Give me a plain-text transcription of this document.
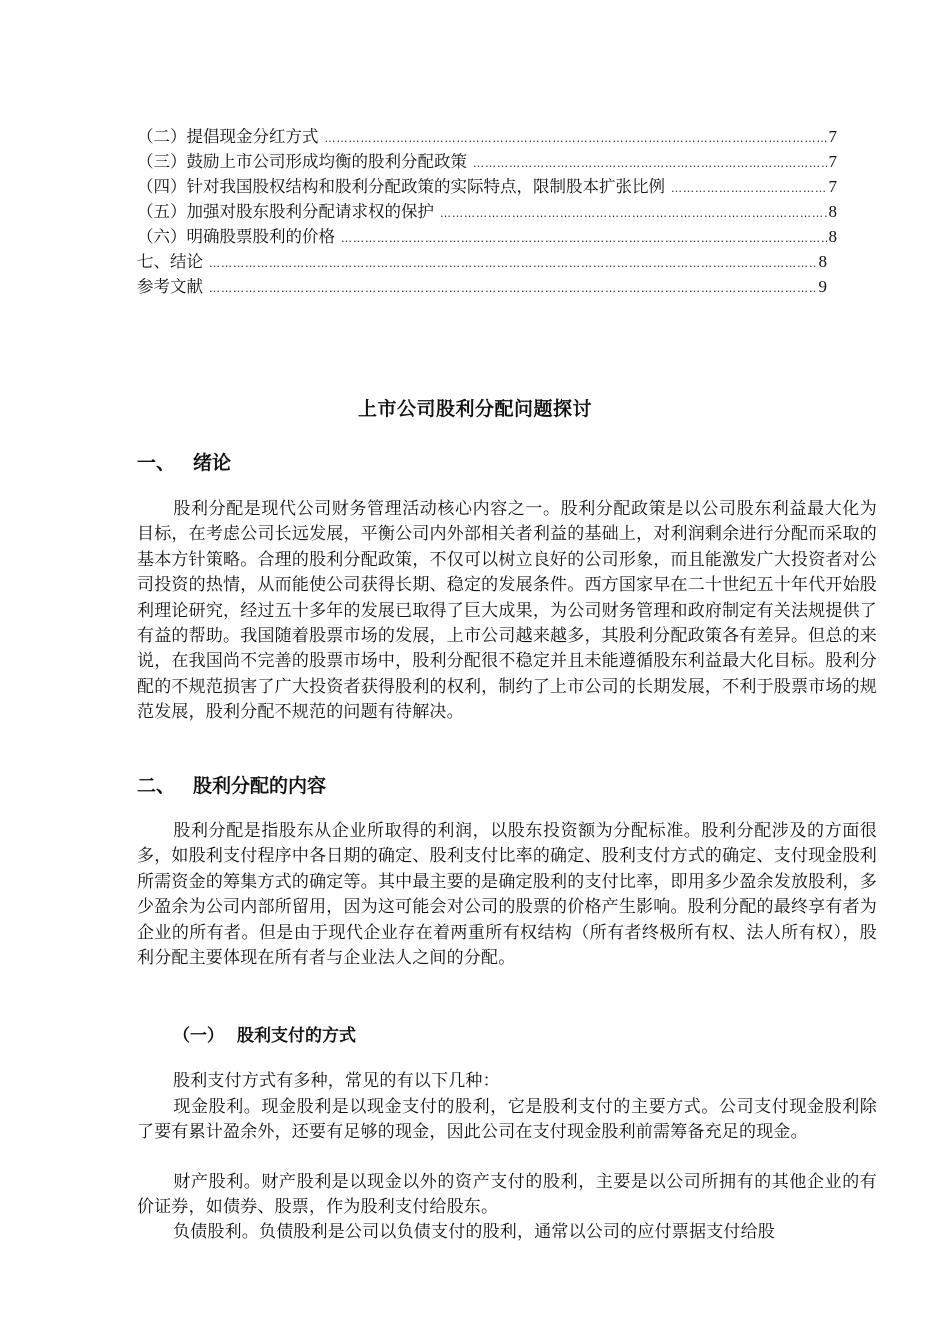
（二） 提倡现金分红方式 …………………………………………………………………………………………………………………………………………………………	7
（三） 鼓励上市公司形成均衡的股利分配政策 …………………………………………………………………………………………………………………………………………………………	7
（四） 针对我国股权结构和股利分配政策的实际特点，限制股本扩张比例 …………………………………………………………………………………………………………………………………………………………	7
（五） 加强对股东股利分配请求权的保护 …………………………………………………………………………………………………………………………………………………………	8
（六） 明确股票股利的价格 …………………………………………………………………………………………………………………………………………………………	8
七、结论 …………………………………………………………………………………………………………………………………………………………	8
参考文献 …………………………………………………………………………………………………………………………………………………………	9
上市公司股利分配问题探讨
一、 绪论
股利分配是现代公司财务管理活动核心内容之一。股利分配政策是以公司股东利益最大化为目标，在考虑公司长远发展，平衡公司内外部相关者利益的基础上，对利润剩余进行分配而采取的基本方针策略。合理的股利分配政策，不仅可以树立良好的公司形象，而且能激发广大投资者对公司投资的热情，从而能使公司获得长期、稳定的发展条件。西方国家早在二十世纪五十年代开始股利理论研究，经过五十多年的发展已取得了巨大成果，为公司财务管理和政府制定有关法规提供了有益的帮助。我国随着股票市场的发展，上市公司越来越多，其股利分配政策各有差异。但总的来说，在我国尚不完善的股票市场中，股利分配很不稳定并且未能遵循股东利益最大化目标。股利分配的不规范损害了广大投资者获得股利的权利，制约了上市公司的长期发展，不利于股票市场的规范发展，股利分配不规范的问题有待解决。
二、 股利分配的内容
股利分配是指股东从企业所取得的利润，以股东投资额为分配标准。股利分配涉及的方面很多，如股利支付程序中各日期的确定、股利支付比率的确定、股利支付方式的确定、支付现金股利所需资金的筹集方式的确定等。其中最主要的是确定股利的支付比率，即用多少盈余发放股利，多少盈余为公司内部所留用，因为这可能会对公司的股票的价格产生影响。股利分配的最终享有者为企业的所有者。但是由于现代企业存在着两重所有权结构（所有者终极所有权、法人所有权），股利分配主要体现在所有者与企业法人之间的分配。
（一） 股利支付的方式
股利支付方式有多种，常见的有以下几种：
现金股利。现金股利是以现金支付的股利，它是股利支付的主要方式。公司支付现金股利除了要有累计盈余外，还要有足够的现金，因此公司在支付现金股利前需筹备充足的现金。
财产股利。财产股利是以现金以外的资产支付的股利，主要是以公司所拥有的其他企业的有价证券，如债券、股票，作为股利支付给股东。
负债股利。负债股利是公司以负债支付的股利，通常以公司的应付票据支付给股
